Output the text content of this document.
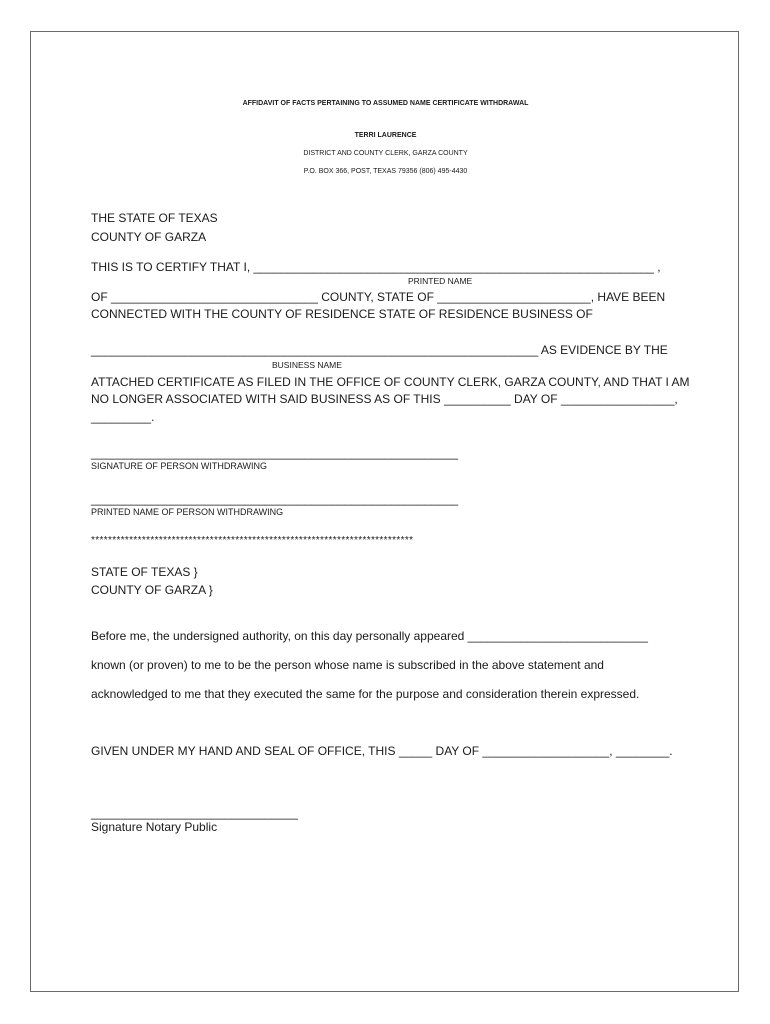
AFFIDAVIT OF FACTS PERTAINING TO ASSUMED NAME CERTIFICATE WITHDRAWAL
TERRI LAURENCE
DISTRICT AND COUNTY CLERK, GARZA COUNTY
P.O. BOX 366, POST, TEXAS 79356 (806) 495-4430
THE STATE OF TEXAS
COUNTY OF GARZA
THIS IS TO CERTIFY THAT I, ____________________________________________________________ ,
PRINTED NAME
OF _______________________________ COUNTY, STATE OF _______________________, HAVE BEEN
CONNECTED WITH THE COUNTY OF RESIDENCE STATE OF RESIDENCE BUSINESS OF
___________________________________________________________________ AS EVIDENCE BY THE
BUSINESS NAME
ATTACHED CERTIFICATE AS FILED IN THE OFFICE OF COUNTY CLERK, GARZA COUNTY, AND THAT I AM
NO LONGER ASSOCIATED WITH SAID BUSINESS AS OF THIS __________ DAY OF _________________,
_________.
_______________________________________________________
SIGNATURE OF PERSON WITHDRAWING
_______________________________________________________
PRINTED NAME OF PERSON WITHDRAWING
****************************************************************************
STATE OF TEXAS }
COUNTY OF GARZA }
Before me, the undersigned authority, on this day personally appeared ___________________________
known (or proven) to me to be the person whose name is subscribed in the above statement and
acknowledged to me that they executed the same for the purpose and consideration therein expressed.
GIVEN UNDER MY HAND AND SEAL OF OFFICE, THIS _____ DAY OF ___________________, ________.
_______________________________
Signature Notary Public
